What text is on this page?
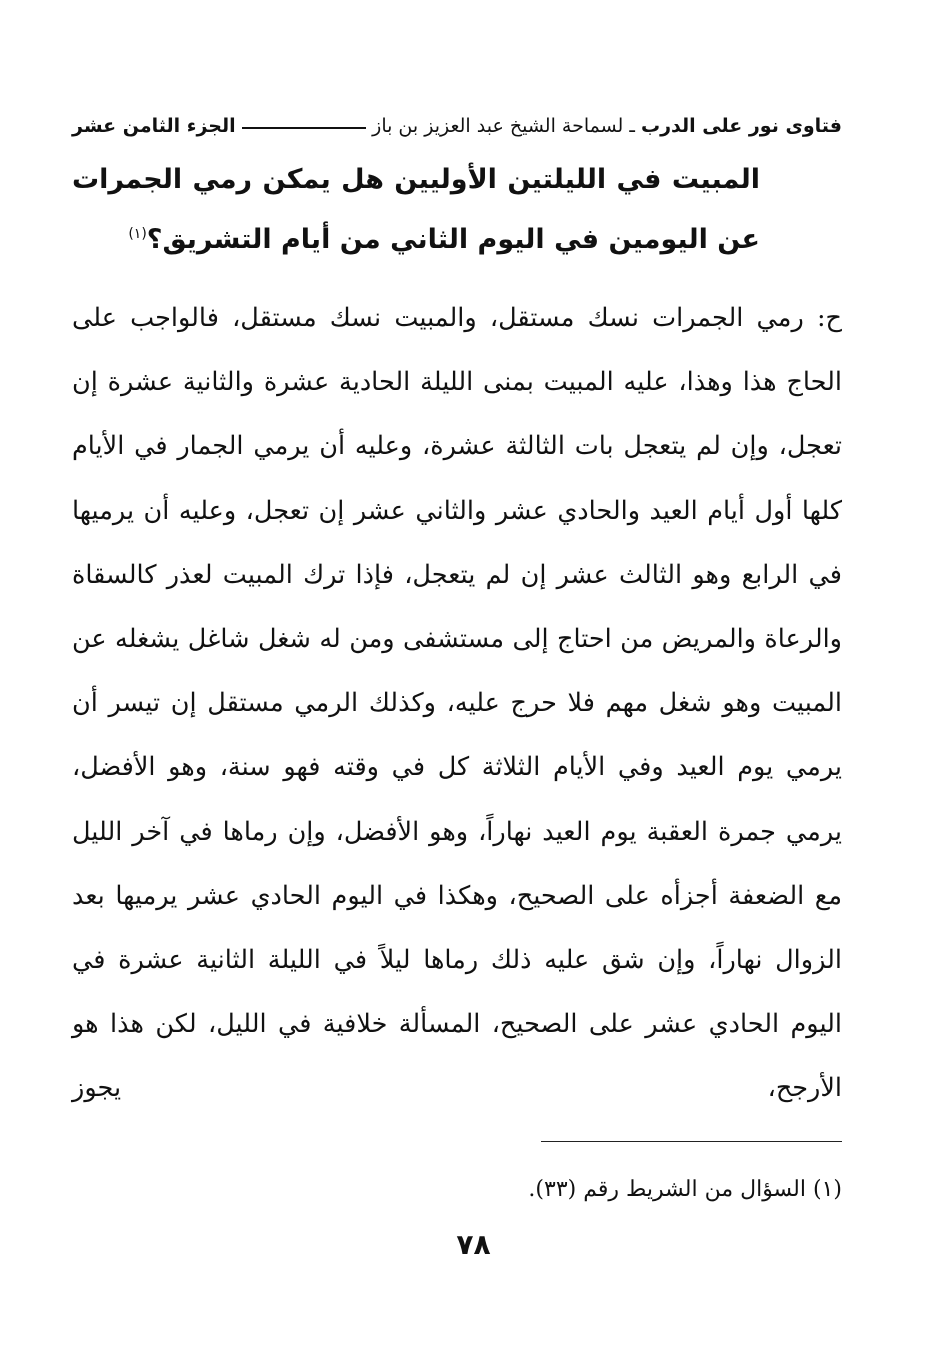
فتاوى نور على الدرب ـ لسماحة الشيخ عبد العزيز بن باز
الجزء الثامن عشر
المبيت في الليلتين الأوليين هل يمكن رمي الجمرات عن اليومين في اليوم الثاني من أيام التشريق؟$^{(١)}$
ح: رمي الجمرات نسك مستقل، والمبيت نسك مستقل، فالواجب على الحاج هذا وهذا، عليه المبيت بمنى الليلة الحادية عشرة والثانية عشرة إن تعجل، وإن لم يتعجل بات الثالثة عشرة، وعليه أن يرمي الجمار في الأيام كلها أول أيام العيد والحادي عشر والثاني عشر إن تعجل، وعليه أن يرميها في الرابع وهو الثالث عشر إن لم يتعجل، فإذا ترك المبيت لعذر كالسقاة والرعاة والمريض من احتاج إلى مستشفى ومن له شغل شاغل يشغله عن المبيت وهو شغل مهم فلا حرج عليه، وكذلك الرمي مستقل إن تيسر أن يرمي يوم العيد وفي الأيام الثلاثة كل في وقته فهو سنة، وهو الأفضل، يرمي جمرة العقبة يوم العيد نهاراً، وهو الأفضل، وإن رماها في آخر الليل مع الضعفة أجزأه على الصحيح، وهكذا في اليوم الحادي عشر يرميها بعد الزوال نهاراً، وإن شق عليه ذلك رماها ليلاً في الليلة الثانية عشرة في اليوم الحادي عشر على الصحيح، المسألة خلافية في الليل، لكن هذا هو الأرجح، يجوز
(١) السؤال من الشريط رقم (٣٣).
٧٨
